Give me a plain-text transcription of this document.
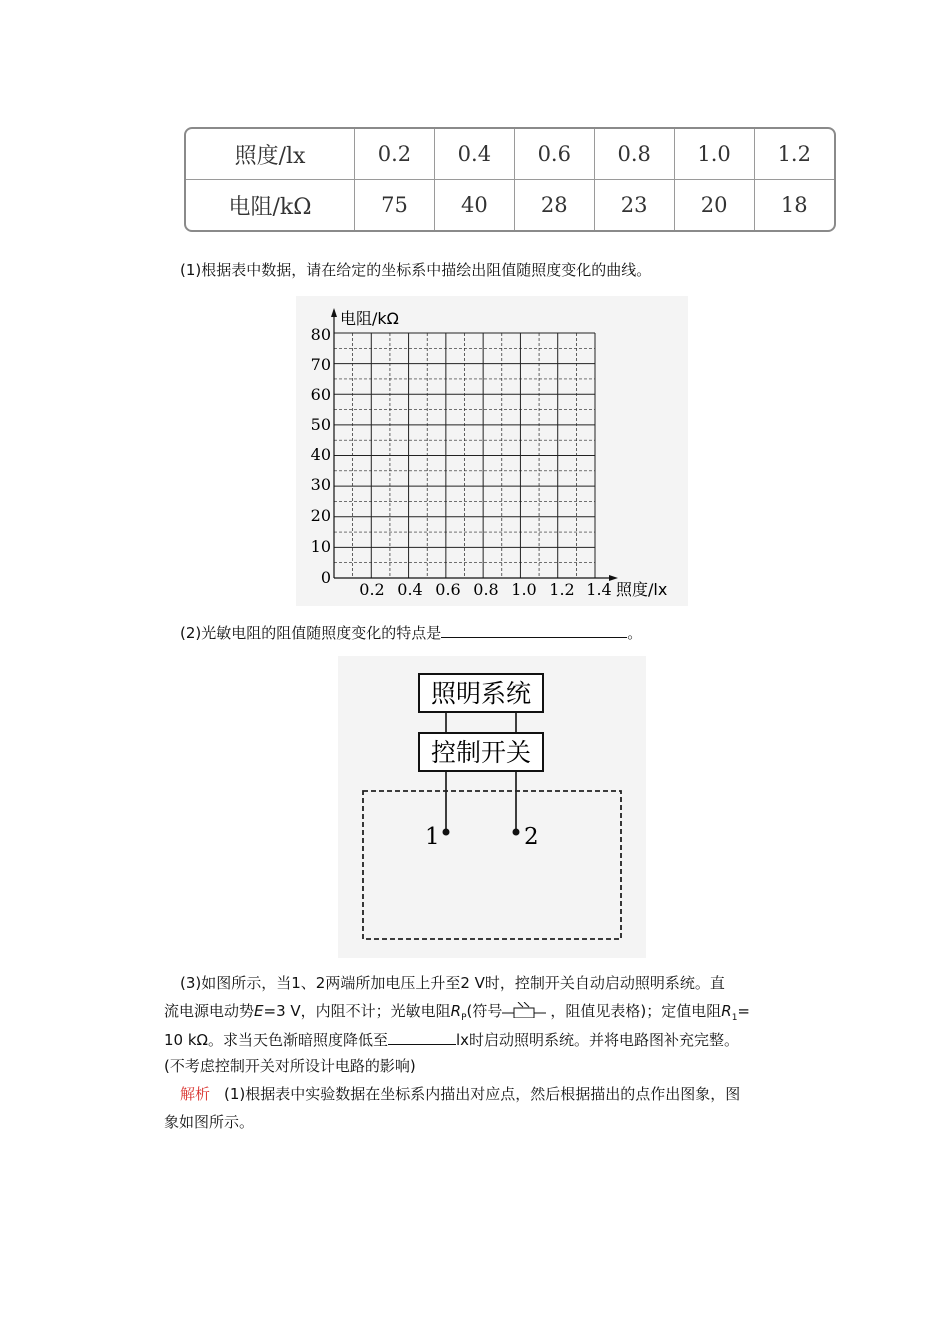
照度/lx	0.2	0.4	0.6	0.8	1.0	1.2
电阻/kΩ	75	40	28	23	20	18
(1)根据表中数据，请在给定的坐标系中描绘出阻值随照度变化的曲线。
电阻/kΩ
照度/lx
80
70
60
50
40
30
20
10
0
0.2 0.4 0.6 0.8 1.0 1.2 1.4
(2)光敏电阻的阻值随照度变化的特点是	。
照明系统
控制开关
1	2
(3)如图所示，当1、2两端所加电压上升至2 V时，控制开关自动启动照明系统。直
流电源电动势E=3 V，内阻不计；光敏电阻$R_P$(符号	，阻值见表格)；定值电阻$R_1=$
10 kΩ。求当天色渐暗照度降低至	lx时启动照明系统。并将电路图补充完整。
(不考虑控制开关对所设计电路的影响)
解析 (1)根据表中实验数据在坐标系内描出对应点，然后根据描出的点作出图象，图
象如图所示。
